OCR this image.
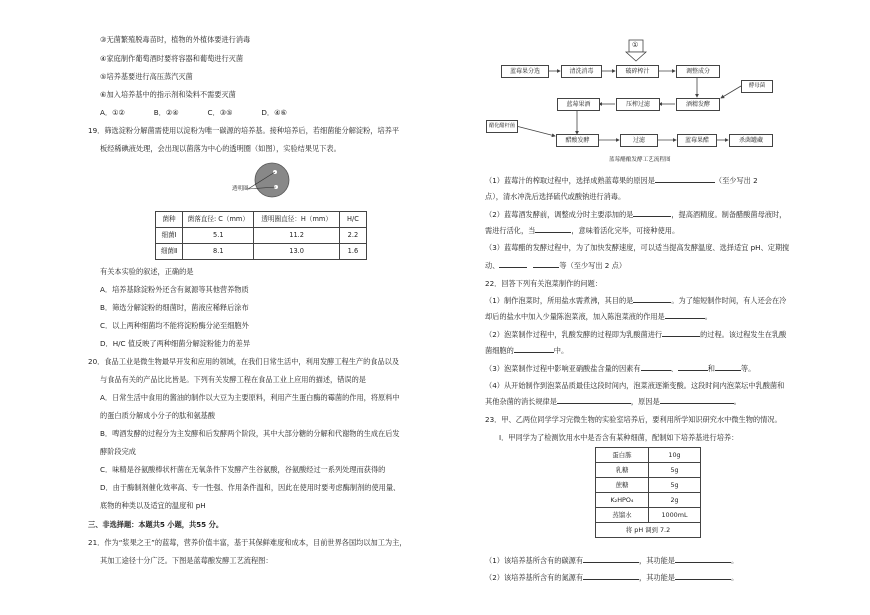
③无菌繁殖脱毒苗时，植物的外植体要进行消毒
④家庭制作葡萄酒时要将容器和葡萄进行灭菌
⑤培养基要进行高压蒸汽灭菌
⑥加入培养基中的指示剂和染料不需要灭菌
A．①②　　　　B．②④　　　　C．③⑤　　　　D．④⑥
19．筛选淀粉分解菌需使用以淀粉为唯一碳源的培养基。接种培养后，若细菌能分解淀粉，培养平
板经稀碘液处理，会出现以菌落为中心的透明圈（如图），实验结果见下表。
透明圈
菌种	菌落直径: C（mm）	透明圈直径：H（mm）	H/C
细菌Ⅰ	5.1	11.2	2.2
细菌Ⅱ	8.1	13.0	1.6
有关本实验的叙述，正确的是
A．培养基除淀粉外还含有氮源等其他营养物质
B．筛选分解淀粉的细菌时，菌液应稀释后涂布
C．以上两种细菌均不能将淀粉酶分泌至细胞外
D．H/C 值反映了两种细菌分解淀粉能力的差异
20．食品工业是微生物最早开发和应用的领域，在我们日常生活中，利用发酵工程生产的食品以及
与食品有关的产品比比皆是。下列有关发酵工程在食品工业上应用的描述，错误的是
A．日常生活中食用的酱油的制作以大豆为主要原料，利用产生蛋白酶的霉菌的作用，将原料中
的蛋白质分解成小分子的肽和氨基酸
B．啤酒发酵的过程分为主发酵和后发酵两个阶段，其中大部分糖的分解和代谢物的生成在后发
酵阶段完成
C．味精是谷氨酸棒状杆菌在无氧条件下发酵产生谷氨酸，谷氨酸经过一系列处理而获得的
D．由于酶制剂催化效率高、专一性强、作用条件温和，因此在使用时要考虑酶制剂的使用量、
底物的种类以及适宜的温度和 pH
三、非选择题：本题共5 小题，共55 分。
21．作为“浆果之王”的蓝莓，营养价值丰富，基于其保鲜难度和成本，目前世界各国均以加工为主，
其加工途径十分广泛。下图是蓝莓酿发酵工艺流程图：
①
蓝莓果分选	清洗消毒	破碎榨汁	调整成分
蓝莓果酒	压榨过滤	酒精发酵
酵母菌
醋化醋杆菌
醋酸发酵	过滤	蓝莓果醋	杀菌罐藏
蓝莓醋酿发酵工艺流程图
（1）蓝莓汁的榨取过程中，选择成熟蓝莓果的原因是	（至少写出 2
点），清水冲洗后选择硫代或酸钠进行消毒。
（2）蓝莓酒发酵前，调整成分时主要添加的是	，提高酒精度。制备醋酸菌母液时，
需进行活化，当	，意味着活化完毕，可接种使用。
（3）蓝莓醋的发酵过程中，为了加快发酵速度，可以适当提高发酵温度、选择适宜 pH、定期搅
动、	等（至少写出 2 点）
22．回答下列有关泡菜制作的问题：
（1）制作泡菜时，所用盐水需煮沸，其目的是	。为了缩短制作时间，有人还会在冷
却后的盐水中加入少量陈泡菜液，加入陈泡菜液的作用是	。
（2）泡菜制作过程中，乳酸发酵的过程即为乳酸菌进行	的过程。该过程发生在乳酸
菌细胞的	中。
（3）泡菜制作过程中影响亚硝酸盐含量的因素有	、	和	等。
（4）从开始制作到泡菜品质最佳这段时间内，泡菜液逐渐变酸。这段时间内泡菜坛中乳酸菌和
其他杂菌的消长规律是	，原因是	。
23．甲、乙两位同学学习完微生物的实验室培养后，要利用所学知识研究水中微生物的情况。
Ⅰ．甲同学为了检测饮用水中是否含有某种细菌，配制如下培养基进行培养：
蛋白胨	10g
乳糖	5g
蔗糖	5g
K₂HPO₄	2g
蒸馏水	1000mL
将 pH 调到 7.2	
（1）该培养基所含有的碳源有	，其功能是	。
（2）该培养基所含有的氮源有	，其功能是	。
